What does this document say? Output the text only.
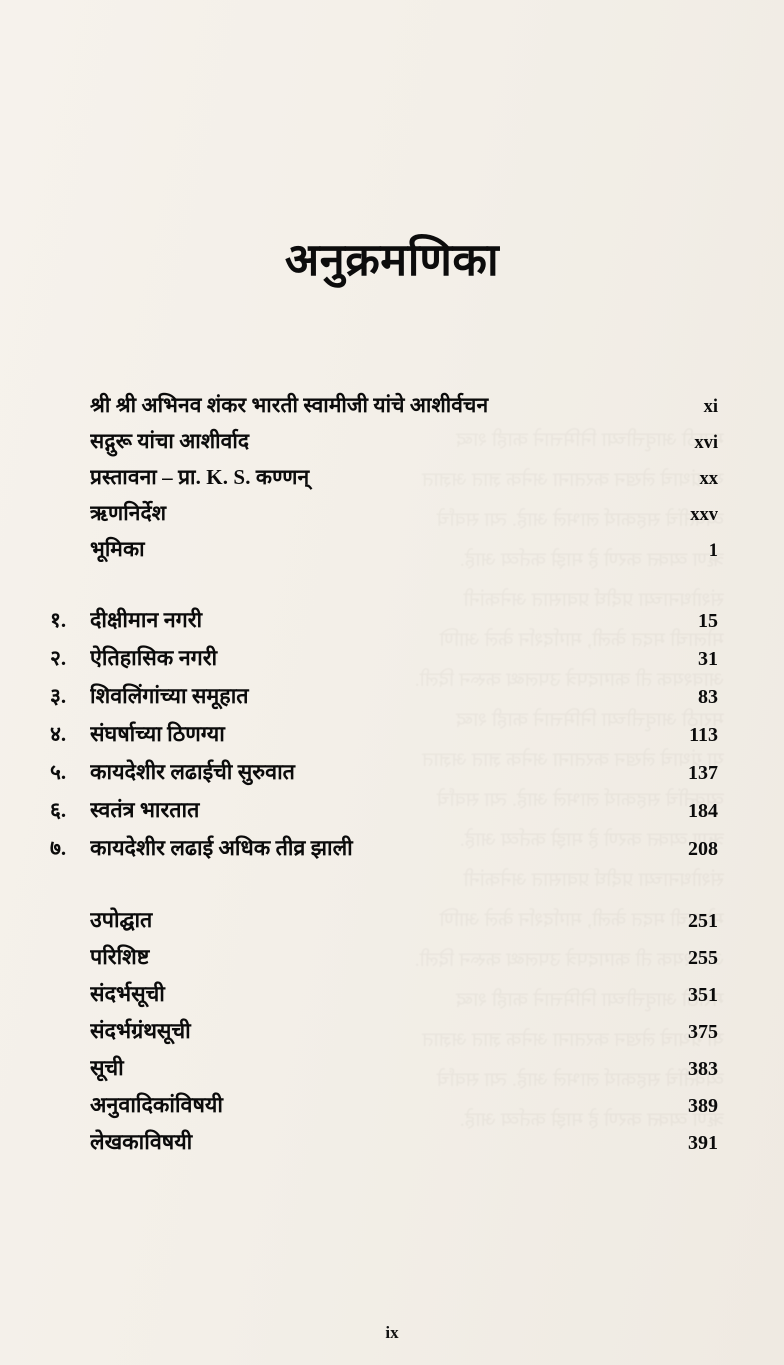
अनुक्रमणिका
श्री श्री अभिनव शंकर भारती स्वामीजी यांचे आशीर्वचन	xi
सद्गुरू यांचा आशीर्वाद	xvi
प्रस्तावना – प्रा. K. S. कण्णन्	xx
ऋणनिर्देश	xxv
भूमिका	1
१.	दीक्षीमान नगरी	15
२.	ऐतिहासिक नगरी	31
३.	शिवलिंगांच्या समूहात	83
४.	संघर्षाच्या ठिणग्या	113
५.	कायदेशीर लढाईची सुरुवात	137
६.	स्वतंत्र भारतात	184
७.	कायदेशीर लढाई अधिक तीव्र झाली	208
उपोद्घात	251
परिशिष्ट	255
संदर्भसूची	351
संदर्भग्रंथसूची	375
सूची	383
अनुवादिकांविषयी	389
लेखकाविषयी	391
ix
